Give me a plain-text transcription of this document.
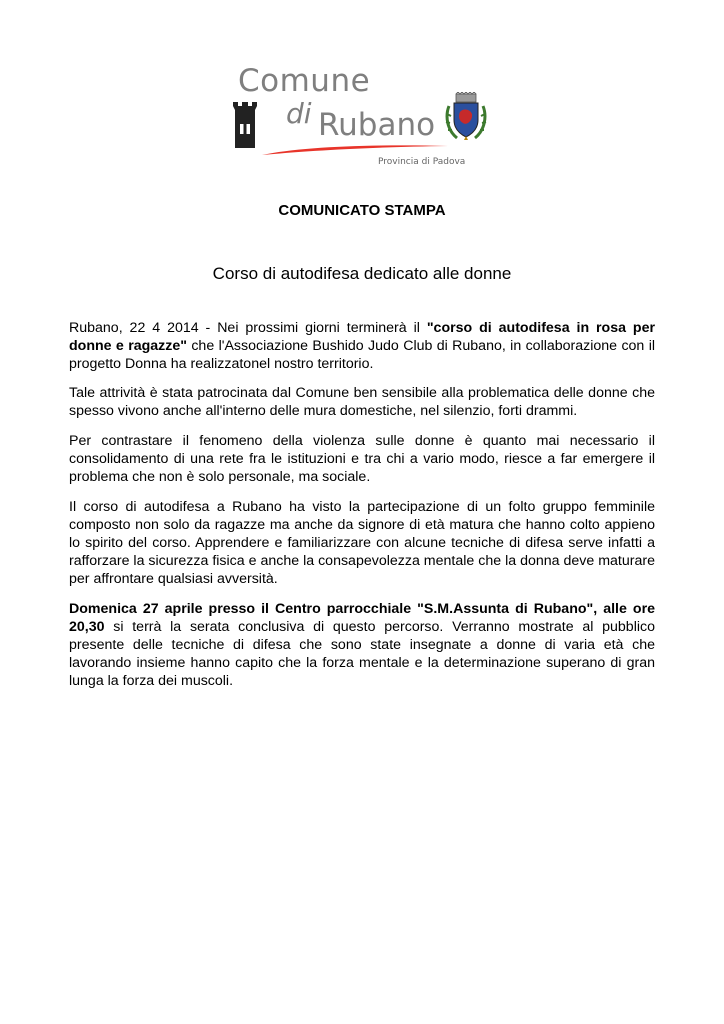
Comune
di Rubano
Provincia di Padova
COMUNICATO STAMPA
Corso di autodifesa dedicato alle donne
Rubano, 22 4 2014 - Nei prossimi giorni terminerà il "corso di autodifesa in rosa per donne e ragazze" che l'Associazione Bushido Judo Club di Rubano, in collaborazione con il progetto Donna ha realizzatonel nostro territorio.
Tale attrività è stata patrocinata dal Comune ben sensibile alla problematica delle donne che spesso vivono anche all'interno delle mura domestiche, nel silenzio, forti drammi.
Per contrastare il fenomeno della violenza sulle donne è quanto mai necessario il consolidamento di una rete fra le istituzioni e tra chi a vario modo, riesce a far emergere il problema che non è solo personale, ma sociale.
Il corso di autodifesa a Rubano ha visto la partecipazione di un folto gruppo femminile composto non solo da ragazze ma anche da signore di età matura che hanno colto appieno lo spirito del corso. Apprendere e familiarizzare con alcune tecniche di difesa serve infatti a rafforzare la sicurezza fisica e anche la consapevolezza mentale che la donna deve maturare per affrontare qualsiasi avversità.
Domenica 27 aprile presso il Centro parrocchiale "S.M.Assunta di Rubano", alle ore 20,30 si terrà la serata conclusiva di questo percorso. Verranno mostrate al pubblico presente delle tecniche di difesa che sono state insegnate a donne di varia età che lavorando insieme hanno capito che la forza mentale e la determinazione superano di gran lunga la forza dei muscoli.
